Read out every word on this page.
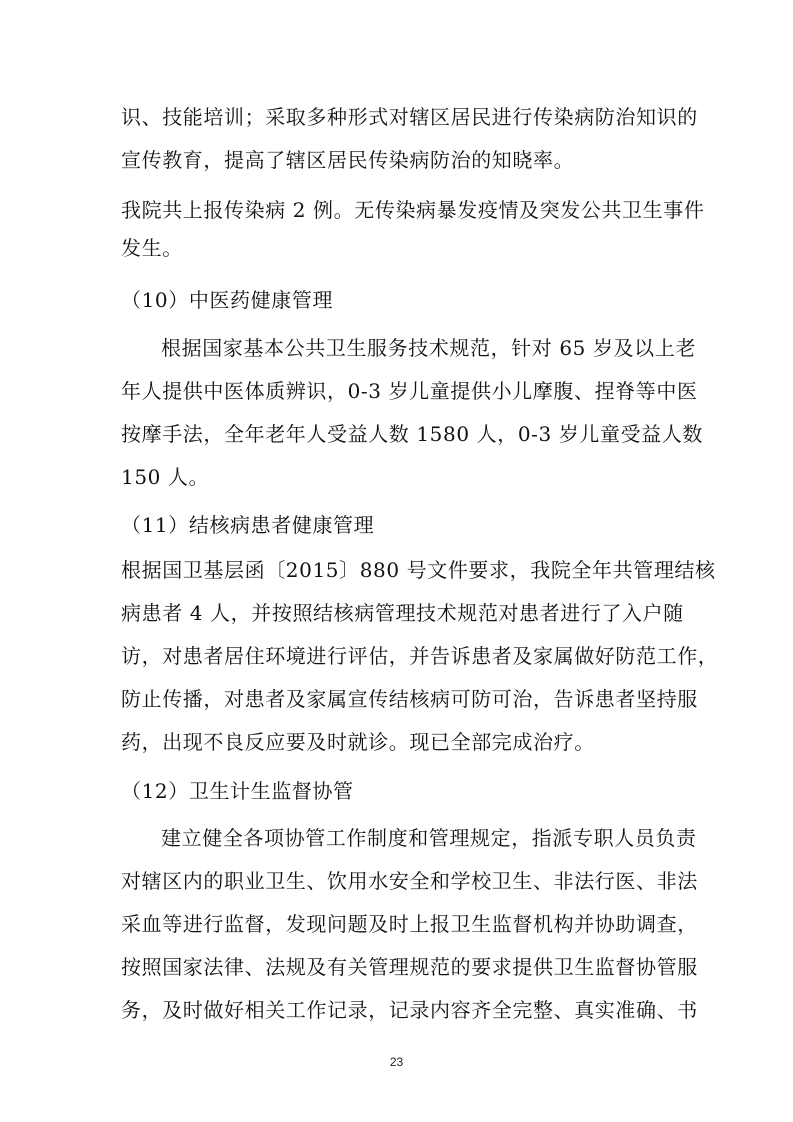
识、技能培训；采取多种形式对辖区居民进行传染病防治知识的
宣传教育，提高了辖区居民传染病防治的知晓率。
我院共上报传染病 2 例。无传染病暴发疫情及突发公共卫生事件
发生。
（10）中医药健康管理
根据国家基本公共卫生服务技术规范，针对 65 岁及以上老
年人提供中医体质辨识，0-3 岁儿童提供小儿摩腹、捏脊等中医
按摩手法，全年老年人受益人数 1580 人，0-3 岁儿童受益人数
150 人。
（11）结核病患者健康管理
根据国卫基层函〔2015〕880 号文件要求，我院全年共管理结核
病患者 4 人，并按照结核病管理技术规范对患者进行了入户随
访，对患者居住环境进行评估，并告诉患者及家属做好防范工作，
防止传播，对患者及家属宣传结核病可防可治，告诉患者坚持服
药，出现不良反应要及时就诊。现已全部完成治疗。
（12）卫生计生监督协管
建立健全各项协管工作制度和管理规定，指派专职人员负责
对辖区内的职业卫生、饮用水安全和学校卫生、非法行医、非法
采血等进行监督，发现问题及时上报卫生监督机构并协助调查，
按照国家法律、法规及有关管理规范的要求提供卫生监督协管服
务，及时做好相关工作记录，记录内容齐全完整、真实准确、书
23
